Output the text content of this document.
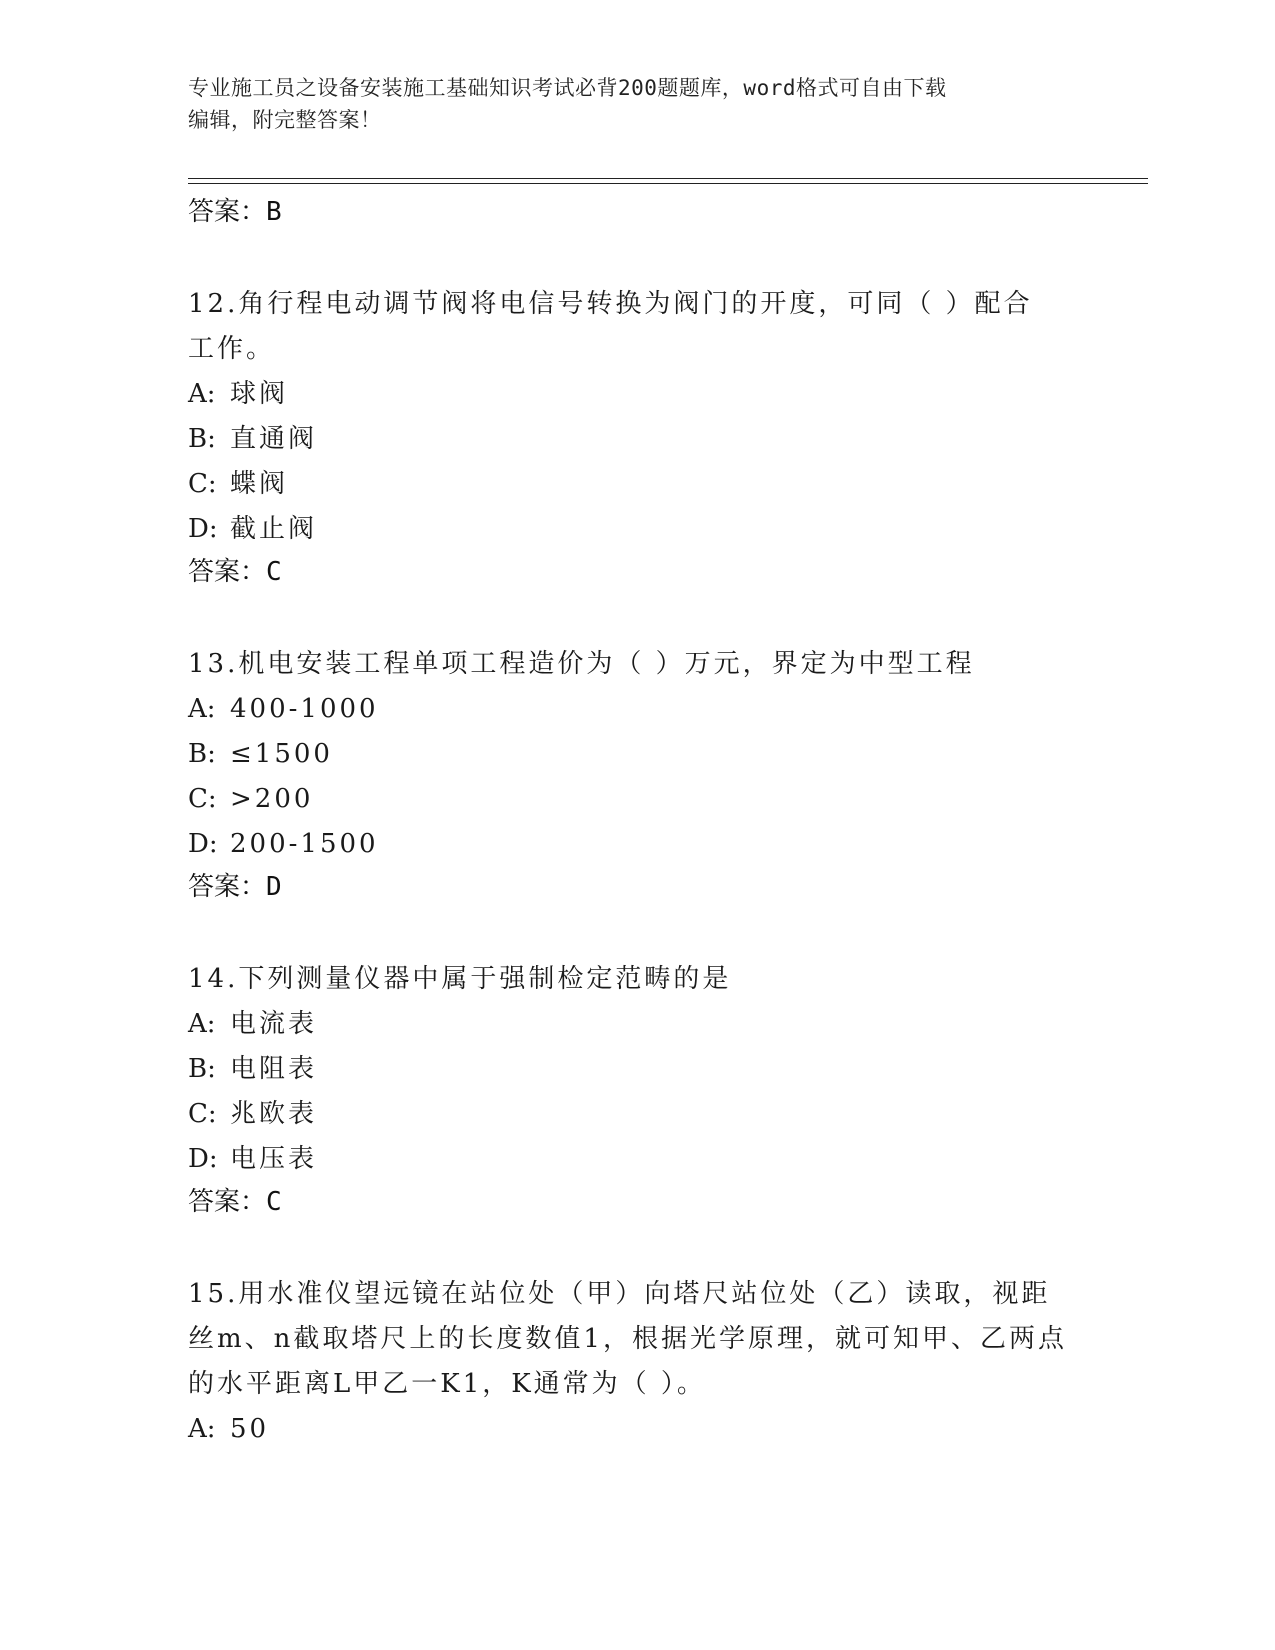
专业施工员之设备安装施工基础知识考试必背200题题库，word格式可自由下载
编辑，附完整答案！

答案：B

12.角行程电动调节阀将电信号转换为阀门的开度，可同（ ）配合工作。

A: 球阀

B: 直通阀

C: 蝶阀

D: 截止阀

答案：C

13.机电安装工程单项工程造价为（ ）万元，界定为中型工程

A: 400-1000

B: ≤1500

C: >200

D: 200-1500

答案：D

14.下列测量仪器中属于强制检定范畴的是

A: 电流表

B: 电阻表

C: 兆欧表

D: 电压表

答案：C

15.用水准仪望远镜在站位处（甲）向塔尺站位处（乙）读取，视距丝m、n截取塔尺上的长度数值1，根据光学原理，就可知甲、乙两点的水平距离L甲乙一K1，K通常为（ ）。

A: 50
